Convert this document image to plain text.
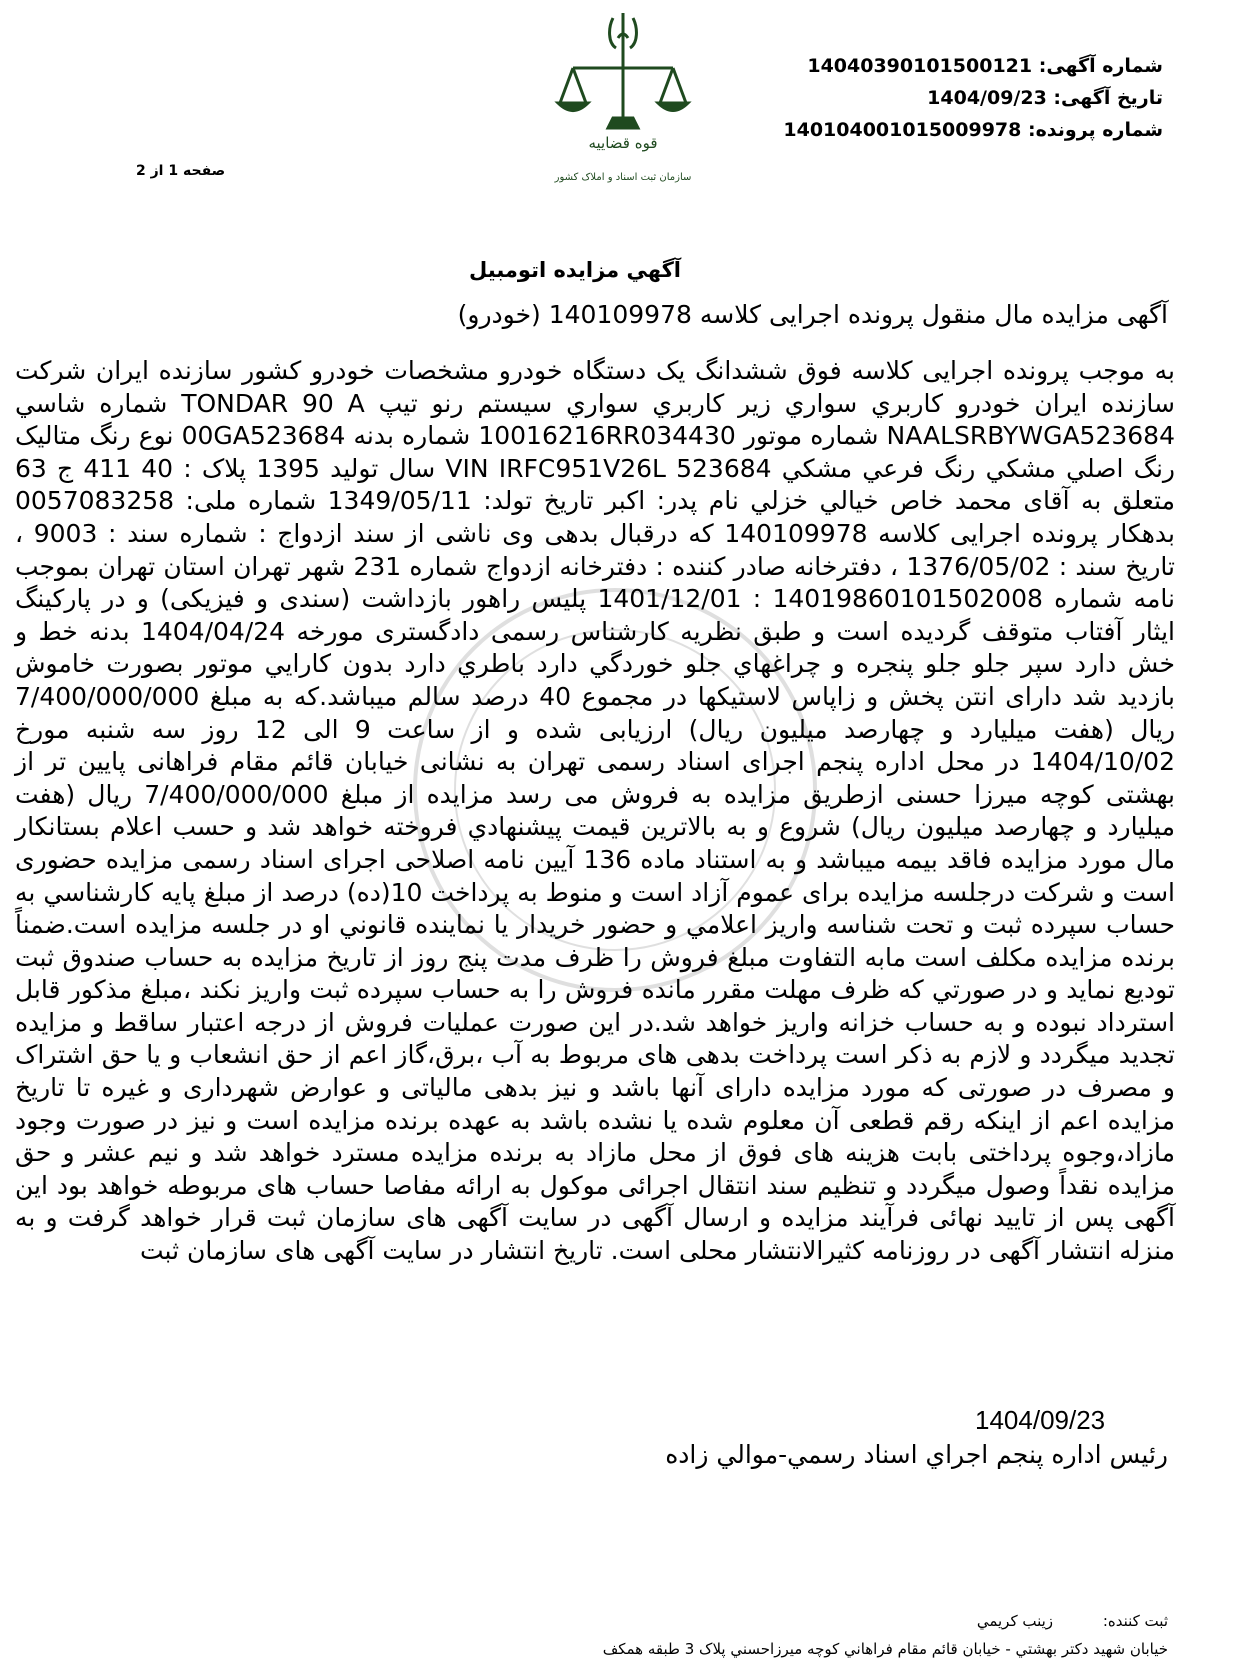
شماره آگهی: 14040390101500121
تاریخ آگهی: 1404/09/23
شماره پرونده: 140104001015009978
قوه قضاییه
سازمان ثبت اسناد و املاک کشور
صفحه 1 از 2
آگهي مزايده اتومبيل
آگهی مزایده مال منقول پرونده اجرایی کلاسه 140109978 (خودرو)
به موجب پرونده اجرایی کلاسه فوق ششدانگ یک دستگاه خودرو مشخصات خودرو کشور سازنده ایران شرکت سازنده ایران خودرو کاربري سواري زیر کاربري سواري سیستم رنو تیپ TONDAR 90 A شماره شاسي NAALSRBYWGA523684 شماره موتور 10016216RR034430 شماره بدنه 00GA523684 نوع رنگ متالیک رنگ اصلي مشکي رنگ فرعي مشکي VIN IRFC951V26L 523684 سال تولید 1395 پلاک : 40 411 ج 63 متعلق به آقای محمد خاص خيالي خزلي نام پدر: اکبر تاریخ تولد: 1349/05/11 شماره ملی: 0057083258 بدهکار پرونده اجرایی کلاسه 140109978 که درقبال بدهی وی ناشی از سند ازدواج : شماره سند : 9003 ، تاریخ سند : 1376/05/02 ، دفترخانه صادر کننده : دفترخانه ازدواج شماره 231 شهر تهران استان تهران بموجب نامه شماره 14019860101502008 : 1401/12/01 پلیس راهور بازداشت (سندی و فیزیکی) و در پارکینگ ایثار آفتاب متوقف گردیده است و طبق نظریه کارشناس رسمی دادگستری مورخه 1404/04/24 بدنه خط و خش دارد سپر جلو جلو پنجره و چراغهاي جلو خوردگي دارد باطري دارد بدون کارايي موتور بصورت خاموش بازدید شد دارای انتن پخش و زاپاس لاستیکها در مجموع 40 درصد سالم میباشد.که به مبلغ 7/400/000/000 ریال (هفت میلیارد و چهارصد میلیون ریال) ارزیابی شده و از ساعت 9 الی 12 روز سه شنبه مورخ 1404/10/02 در محل اداره پنجم اجرای اسناد رسمی تهران به نشانی خیابان قائم مقام فراهانی پایین تر از بهشتی کوچه میرزا حسنی ازطریق مزایده به فروش می رسد مزایده از مبلغ 7/400/000/000 ریال (هفت میلیارد و چهارصد میلیون ریال) شروع و به بالاترین قیمت پیشنهادي فروخته خواهد شد و حسب اعلام بستانکار مال مورد مزایده فاقد بیمه میباشد و به استناد ماده 136 آیین نامه اصلاحی اجرای اسناد رسمی مزایده حضوری است و شرکت درجلسه مزایده برای عموم آزاد است و منوط به پرداخت 10(ده) درصد از مبلغ پایه کارشناسي به حساب سپرده ثبت و تحت شناسه واریز اعلامي و حضور خریدار یا نماینده قانوني او در جلسه مزایده است.ضمناً برنده مزایده مکلف است مابه التفاوت مبلغ فروش را ظرف مدت پنج روز از تاریخ مزایده به حساب صندوق ثبت تودیع نماید و در صورتي که ظرف مهلت مقرر مانده فروش را به حساب سپرده ثبت واریز نکند ،مبلغ مذکور قابل استرداد نبوده و به حساب خزانه واریز خواهد شد.در این صورت عملیات فروش از درجه اعتبار ساقط و مزایده تجدید میگردد و لازم به ذکر است پرداخت بدهی های مربوط به آب ،برق،گاز اعم از حق انشعاب و یا حق اشتراک و مصرف در صورتی که مورد مزایده دارای آنها باشد و نیز بدهی مالیاتی و عوارض شهرداری و غیره تا تاریخ مزایده اعم از اینکه رقم قطعی آن معلوم شده یا نشده باشد به عهده برنده مزایده است و نیز در صورت وجود مازاد،وجوه پرداختی بابت هزینه های فوق از محل مازاد به برنده مزایده مسترد خواهد شد و نیم عشر و حق مزایده نقداً وصول میگردد و تنظیم سند انتقال اجرائی موکول به ارائه مفاصا حساب های مربوطه خواهد بود این آگهی پس از تایید نهائی فرآیند مزایده و ارسال آگهی در سایت آگهی های سازمان ثبت قرار خواهد گرفت و به منزله انتشار آگهی در روزنامه کثیرالانتشار محلی است. تاریخ انتشار در سایت آگهی های سازمان ثبت
1404/09/23
رئيس اداره پنجم اجراي اسناد رسمي-موالي زاده
ثبت کننده: زينب کريمي
خيابان شهيد دکتر بهشتي - خيابان قائم مقام فراهاني کوچه ميرزاحسني پلاک 3 طبقه همکف
